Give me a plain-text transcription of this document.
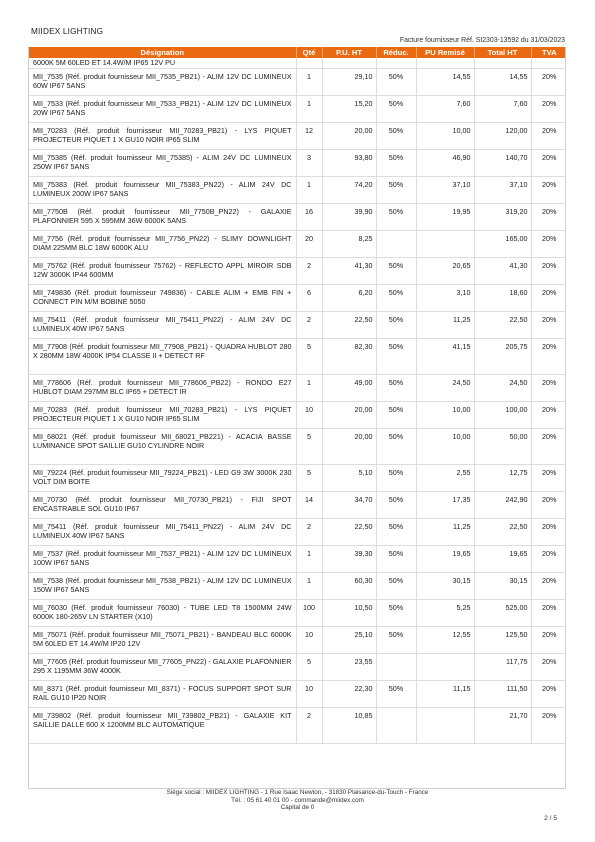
MIIDEX LIGHTING
Facture fournisseur Réf. SI2303-13592 du 31/03/2023
Désignation	Qté	P.U. HT	Réduc.	PU Remisé	Total HT	TVA
6000K 5M 60LED ET 14.4W/M IP65 12V PU						
MII_7535 (Réf. produit fournisseur MII_7535_PB21) - ALIM 12V DC LUMINEUX 60W IP67 5ANS	1	29,10	50%	14,55	14,55	20%
MII_7533 (Réf. produit fournisseur MII_7533_PB21) - ALIM 12V DC LUMINEUX 20W IP67 5ANS	1	15,20	50%	7,60	7,60	20%
MII_70283 (Réf. produit fournisseur MII_70283_PB21) - LYS PIQUET PROJECTEUR PIQUET 1 X GU10 NOIR IP65 SLIM	12	20,00	50%	10,00	120,00	20%
MII_75385 (Réf. produit fournisseur MII_75385) - ALIM 24V DC LUMINEUX 250W IP67 5ANS	3	93,80	50%	46,90	140,70	20%
MII_75383 (Réf. produit fournisseur MII_75383_PN22) - ALIM 24V DC LUMINEUX 200W IP67 5ANS	1	74,20	50%	37,10	37,10	20%
MII_7750B (Réf. produit fournisseur MII_7750B_PN22) - GALAXIE PLAFONNIER 595 X 595MM 36W 6000K 5ANS	16	39,90	50%	19,95	319,20	20%
MII_7756 (Réf. produit fournisseur MII_7756_PN22) - SLIMY DOWNLIGHT DIAM 225MM BLC 18W 6000K ALU	20	8,25			165,00	20%
MII_75762 (Réf. produit fournisseur 75762) - REFLECTO APPL MIROIR SDB 12W 3000K IP44 600MM	2	41,30	50%	20,65	41,30	20%
MII_749836 (Réf. produit fournisseur 749836) - CABLE ALIM + EMB FIN + CONNECT PIN M/M BOBINE 5050	6	6,20	50%	3,10	18,60	20%
MII_75411 (Réf. produit fournisseur MII_75411_PN22) - ALIM 24V DC LUMINEUX 40W IP67 5ANS	2	22,50	50%	11,25	22,50	20%
MII_77908 (Réf. produit fournisseur MII_77908_PB21) - QUADRA HUBLOT 280 X 280MM 18W 4000K IP54 CLASSE II + DETECT RF	5	82,30	50%	41,15	205,75	20%
MII_778606 (Réf. produit fournisseur MII_778606_PB22) - RONDO E27 HUBLOT DIAM 297MM BLC IP65 + DETECT IR	1	49,00	50%	24,50	24,50	20%
MII_70283 (Réf. produit fournisseur MII_70283_PB21) - LYS PIQUET PROJECTEUR PIQUET 1 X GU10 NOIR IP65 SLIM	10	20,00	50%	10,00	100,00	20%
MII_68021 (Réf. produit fournisseur MII_68021_PB221) - ACACIA BASSE LUMINANCE SPOT SAILLIE GU10 CYLINDRE NOIR	5	20,00	50%	10,00	50,00	20%
MII_79224 (Réf. produit fournisseur MII_79224_PB21) - LED G9 3W 3000K 230 VOLT DIM BOITE	5	5,10	50%	2,55	12,75	20%
MII_70730 (Réf. produit fournisseur MII_70730_PB21) - FIJI SPOT ENCASTRABLE SOL GU10 IP67	14	34,70	50%	17,35	242,90	20%
MII_75411 (Réf. produit fournisseur MII_75411_PN22) - ALIM 24V DC LUMINEUX 40W IP67 5ANS	2	22,50	50%	11,25	22,50	20%
MII_7537 (Réf. produit fournisseur MII_7537_PB21) - ALIM 12V DC LUMINEUX 100W IP67 5ANS	1	39,30	50%	19,65	19,65	20%
MII_7538 (Réf. produit fournisseur MII_7538_PB21) - ALIM 12V DC LUMINEUX 150W IP67 5ANS	1	60,30	50%	30,15	30,15	20%
MII_76030 (Réf. produit fournisseur 76030) - TUBE LED T8 1500MM 24W 6000K 180-265V LN STARTER (X10)	100	10,50	50%	5,25	525,00	20%
MII_75071 (Réf. produit fournisseur MII_75071_PB21) - BANDEAU BLC 6000K 5M 60LED ET 14.4W/M IP20 12V	10	25,10	50%	12,55	125,50	20%
MII_77605 (Réf. produit fournisseur MII_77605_PN22) - GALAXIE PLAFONNIER 295 X 1195MM 36W 4000K	5	23,55			117,75	20%
MII_8371 (Réf. produit fournisseur MII_8371) - FOCUS SUPPORT SPOT SUR RAIL GU10 IP20 NOIR	10	22,30	50%	11,15	111,50	20%
MII_739802 (Réf. produit fournisseur MII_739802_PB21) - GALAXIE KIT SAILLIE DALLE 600 X 1200MM BLC AUTOMATIQUE	2	10,85			21,70	20%
Siège social : MIIDEX LIGHTING - 1 Rue Isaac Newton, - 31830 Plaisance-du-Touch - France
Tél. : 05 61 40 01 00 - commande@miidex.com
Capital de 0
2 / 5
